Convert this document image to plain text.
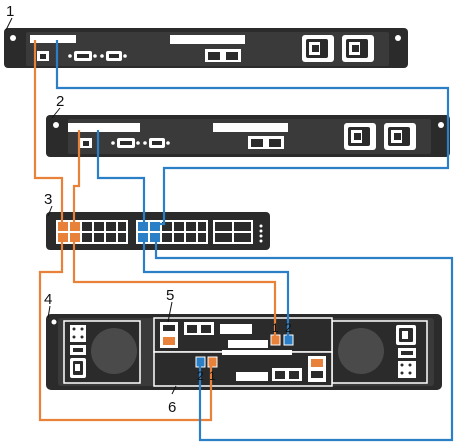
1
2
3
4	5
6
1 2
2 1
